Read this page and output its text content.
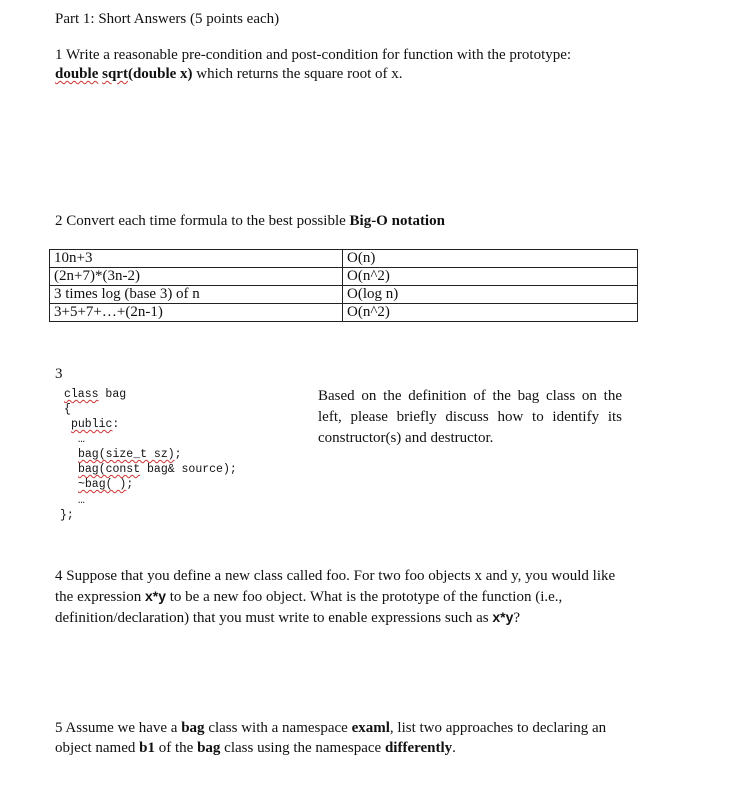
Part 1: Short Answers (5 points each)
1 Write a reasonable pre-condition and post-condition for function with the prototype:
double sqrt(double x) which returns the square root of x.
2 Convert each time formula to the best possible Big-O notation
10n+3	O(n)
(2n+7)*(3n-2)	O(n^2)
3 times log (base 3) of n	O(log n)
3+5+7+…+(2n-1)	O(n^2)
3
class bag
{
public:
…
bag(size_t sz);
bag(const bag& source);
~bag( );
…
};
Based on the definition of the bag class on the left, please briefly discuss how to identify its constructor(s) and destructor.
4 Suppose that you define a new class called foo. For two foo objects x and y, you would like the expression x*y to be a new foo object. What is the prototype of the function (i.e., definition/declaration) that you must write to enable expressions such as x*y?
5 Assume we have a bag class with a namespace examl, list two approaches to declaring an object named b1 of the bag class using the namespace differently.
